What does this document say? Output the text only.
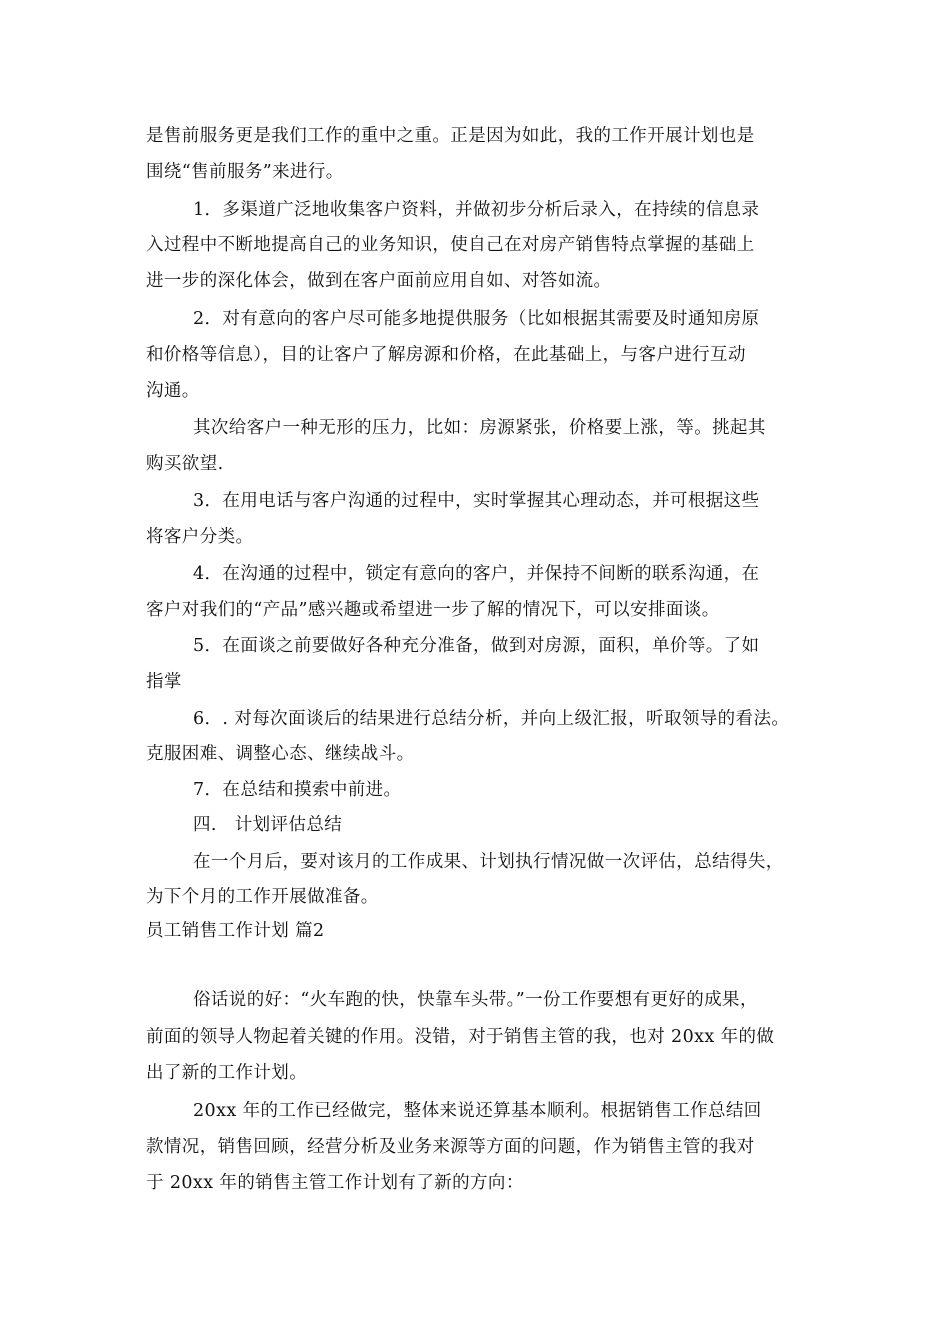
是售前服务更是我们工作的重中之重。正是因为如此，我的工作开展计划也是
围绕“售前服务”来进行。
1．多渠道广泛地收集客户资料，并做初步分析后录入，在持续的信息录
入过程中不断地提高自己的业务知识，使自己在对房产销售特点掌握的基础上
进一步的深化体会，做到在客户面前应用自如、对答如流。
2．对有意向的客户尽可能多地提供服务（比如根据其需要及时通知房原
和价格等信息），目的让客户了解房源和价格，在此基础上，与客户进行互动
沟通。
其次给客户一种无形的压力，比如：房源紧张，价格要上涨，等。挑起其
购买欲望.
3．在用电话与客户沟通的过程中，实时掌握其心理动态，并可根据这些
将客户分类。
4．在沟通的过程中，锁定有意向的客户，并保持不间断的联系沟通，在
客户对我们的“产品”感兴趣或希望进一步了解的情况下，可以安排面谈。
5．在面谈之前要做好各种充分准备，做到对房源，面积，单价等。了如
指掌
6．. 对每次面谈后的结果进行总结分析，并向上级汇报，听取领导的看法。
克服困难、调整心态、继续战斗。
7．在总结和摸索中前进。
四.　计划评估总结
在一个月后，要对该月的工作成果、计划执行情况做一次评估，总结得失，
为下个月的工作开展做准备。
员工销售工作计划 篇2
俗话说的好：“火车跑的快，快靠车头带。”一份工作要想有更好的成果，
前面的领导人物起着关键的作用。没错，对于销售主管的我，也对 20xx 年的做
出了新的工作计划。
20xx 年的工作已经做完，整体来说还算基本顺利。根据销售工作总结回
款情况，销售回顾，经营分析及业务来源等方面的问题，作为销售主管的我对
于 20xx 年的销售主管工作计划有了新的方向：
